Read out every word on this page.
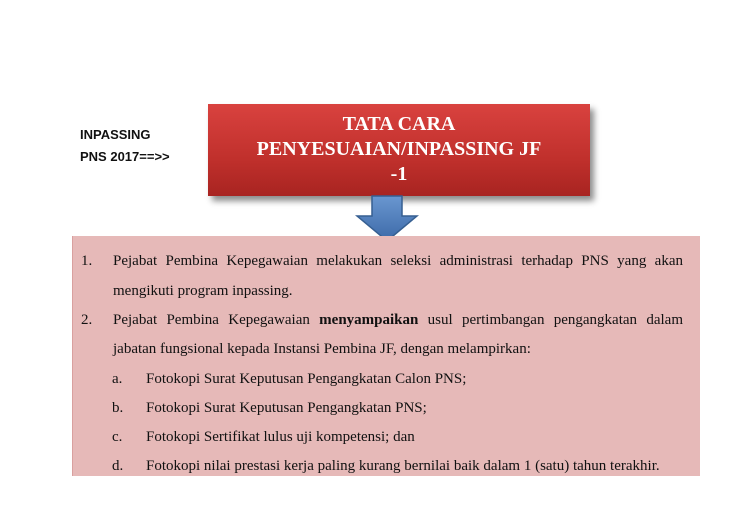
INPASSING
PNS 2017==>>
TATA CARA
PENYESUAIAN/INPASSING JF
-1
1. Pejabat Pembina Kepegawaian melakukan seleksi administrasi terhadap PNS yang akan
mengikuti program inpassing.
2. Pejabat Pembina Kepegawaian menyampaikan usul pertimbangan pengangkatan dalam
jabatan fungsional kepada Instansi Pembina JF, dengan melampirkan:
a. Fotokopi Surat Keputusan Pengangkatan Calon PNS;
b. Fotokopi Surat Keputusan Pengangkatan PNS;
c. Fotokopi Sertifikat lulus uji kompetensi; dan
d. Fotokopi nilai prestasi kerja paling kurang bernilai baik dalam 1 (satu) tahun terakhir.
